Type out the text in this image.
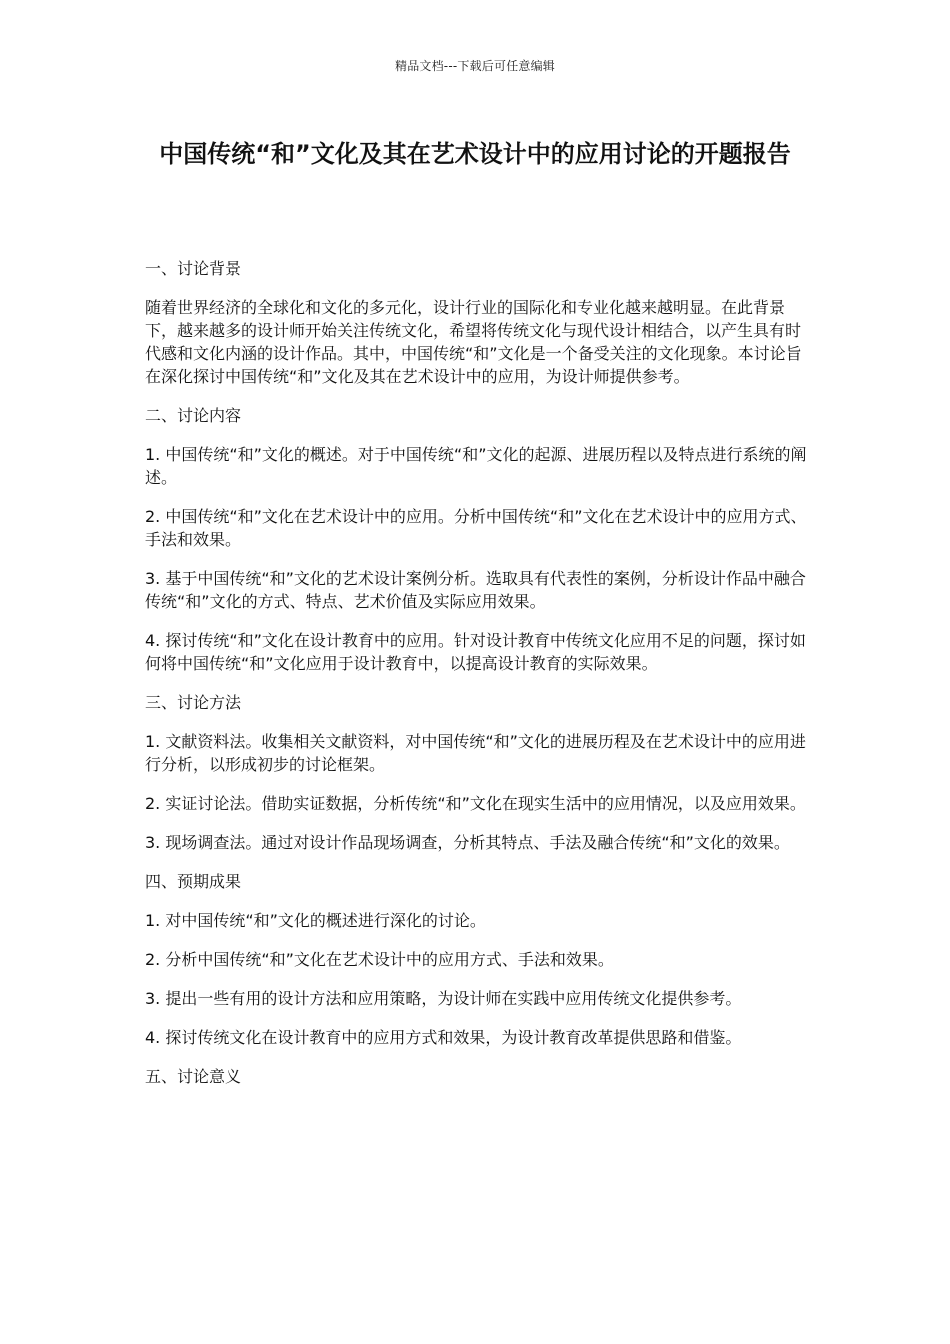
精品文档---下载后可任意编辑
中国传统“和”文化及其在艺术设计中的应用讨论的开题报告

一、讨论背景

随着世界经济的全球化和文化的多元化，设计行业的国际化和专业化越来越明显。在此背景下，越来越多的设计师开始关注传统文化，希望将传统文化与现代设计相结合，以产生具有时代感和文化内涵的设计作品。其中，中国传统“和”文化是一个备受关注的文化现象。本讨论旨在深化探讨中国传统“和”文化及其在艺术设计中的应用，为设计师提供参考。

二、讨论内容

1. 中国传统“和”文化的概述。对于中国传统“和”文化的起源、进展历程以及特点进行系统的阐述。

2. 中国传统“和”文化在艺术设计中的应用。分析中国传统“和”文化在艺术设计中的应用方式、手法和效果。

3. 基于中国传统“和”文化的艺术设计案例分析。选取具有代表性的案例，分析设计作品中融合传统“和”文化的方式、特点、艺术价值及实际应用效果。

4. 探讨传统“和”文化在设计教育中的应用。针对设计教育中传统文化应用不足的问题，探讨如何将中国传统“和”文化应用于设计教育中，以提高设计教育的实际效果。

三、讨论方法

1. 文献资料法。收集相关文献资料，对中国传统“和”文化的进展历程及在艺术设计中的应用进行分析，以形成初步的讨论框架。

2. 实证讨论法。借助实证数据，分析传统“和”文化在现实生活中的应用情况，以及应用效果。

3. 现场调查法。通过对设计作品现场调查，分析其特点、手法及融合传统“和”文化的效果。

四、预期成果

1. 对中国传统“和”文化的概述进行深化的讨论。

2. 分析中国传统“和”文化在艺术设计中的应用方式、手法和效果。

3. 提出一些有用的设计方法和应用策略，为设计师在实践中应用传统文化提供参考。

4. 探讨传统文化在设计教育中的应用方式和效果，为设计教育改革提供思路和借鉴。

五、讨论意义
